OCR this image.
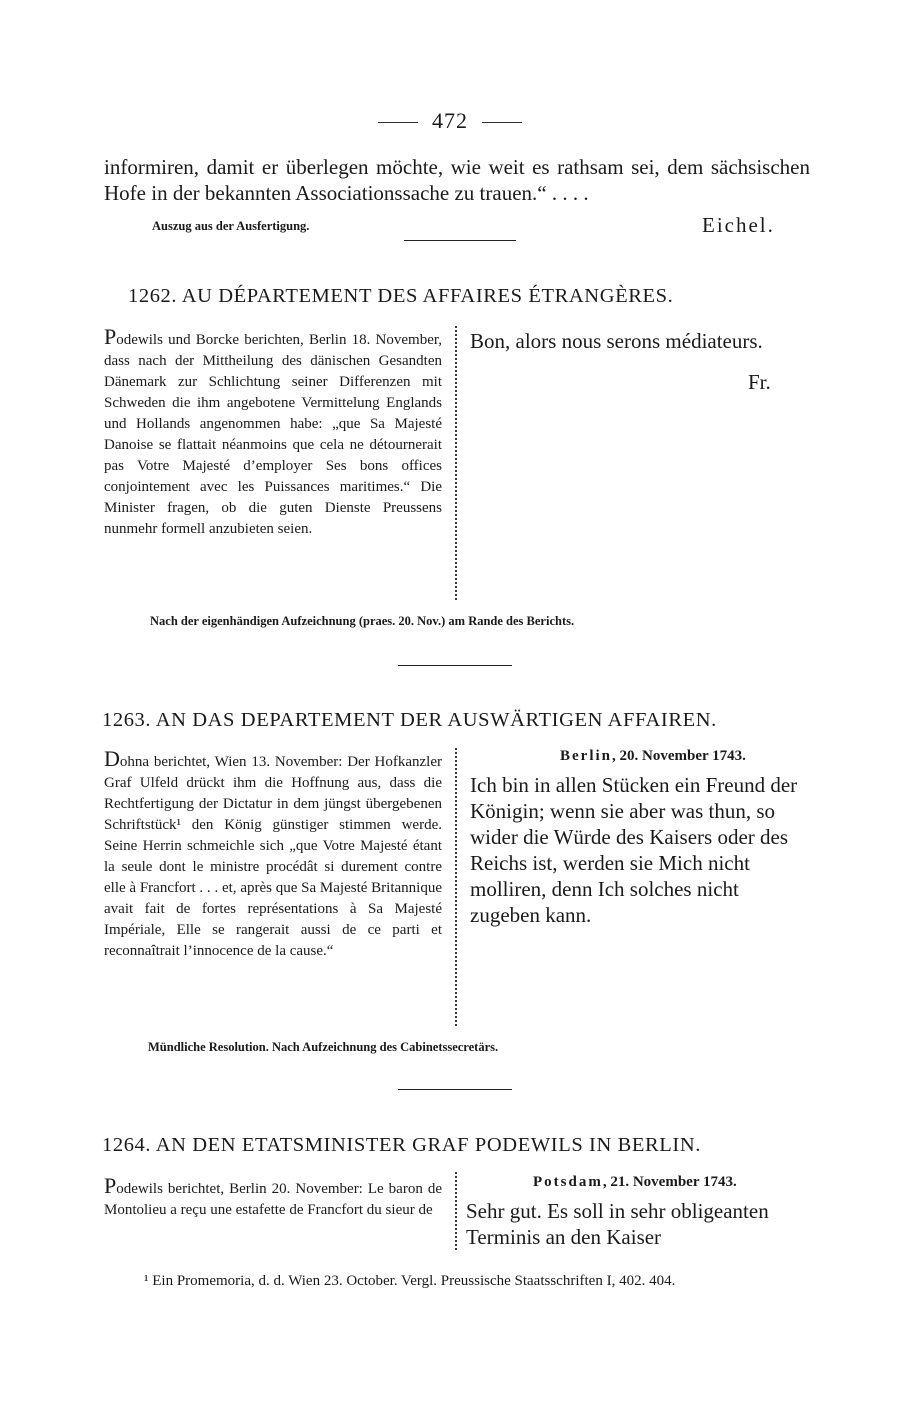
472
informiren, damit er überlegen möchte, wie weit es rathsam sei, dem sächsischen Hofe in der bekannten Associationssache zu trauen.“ . . . .
Auszug aus der Ausfertigung.	Eichel.
1262. AU DÉPARTEMENT DES AFFAIRES ÉTRANGÈRES.
Podewils und Borcke berichten, Berlin 18. November, dass nach der Mittheilung des dänischen Gesandten Dänemark zur Schlichtung seiner Differenzen mit Schweden die ihm angebotene Vermittelung Englands und Hollands angenommen habe: „que Sa Majesté Danoise se flattait néanmoins que cela ne détournerait pas Votre Majesté d’employer Ses bons offices conjointement avec les Puissances maritimes.“ Die Minister fragen, ob die guten Dienste Preussens nunmehr formell anzubieten seien.
Bon, alors nous serons médiateurs.
Fr.
Nach der eigenhändigen Aufzeichnung (praes. 20. Nov.) am Rande des Berichts.
1263. AN DAS DEPARTEMENT DER AUSWÄRTIGEN AFFAIREN.
Dohna berichtet, Wien 13. November: Der Hofkanzler Graf Ulfeld drückt ihm die Hoffnung aus, dass die Rechtfertigung der Dictatur in dem jüngst übergebenen Schriftstück¹ den König günstiger stimmen werde. Seine Herrin schmeichle sich „que Votre Majesté étant la seule dont le ministre procédât si durement contre elle à Francfort . . . et, après que Sa Majesté Britannique avait fait de fortes représentations à Sa Majesté Impériale, Elle se rangerait aussi de ce parti et reconnaîtrait l’innocence de la cause.“
Berlin, 20. November 1743.
Ich bin in allen Stücken ein Freund der Königin; wenn sie aber was thun, so wider die Würde des Kaisers oder des Reichs ist, werden sie Mich nicht molliren, denn Ich solches nicht zugeben kann.
Mündliche Resolution. Nach Aufzeichnung des Cabinetssecretärs.
1264. AN DEN ETATSMINISTER GRAF PODEWILS IN BERLIN.
Podewils berichtet, Berlin 20. November: Le baron de Montolieu a reçu une estafette de Francfort du sieur de
Potsdam, 21. November 1743.
Sehr gut. Es soll in sehr obligeanten Terminis an den Kaiser
¹ Ein Promemoria, d. d. Wien 23. October. Vergl. Preussische Staatsschriften I, 402. 404.
